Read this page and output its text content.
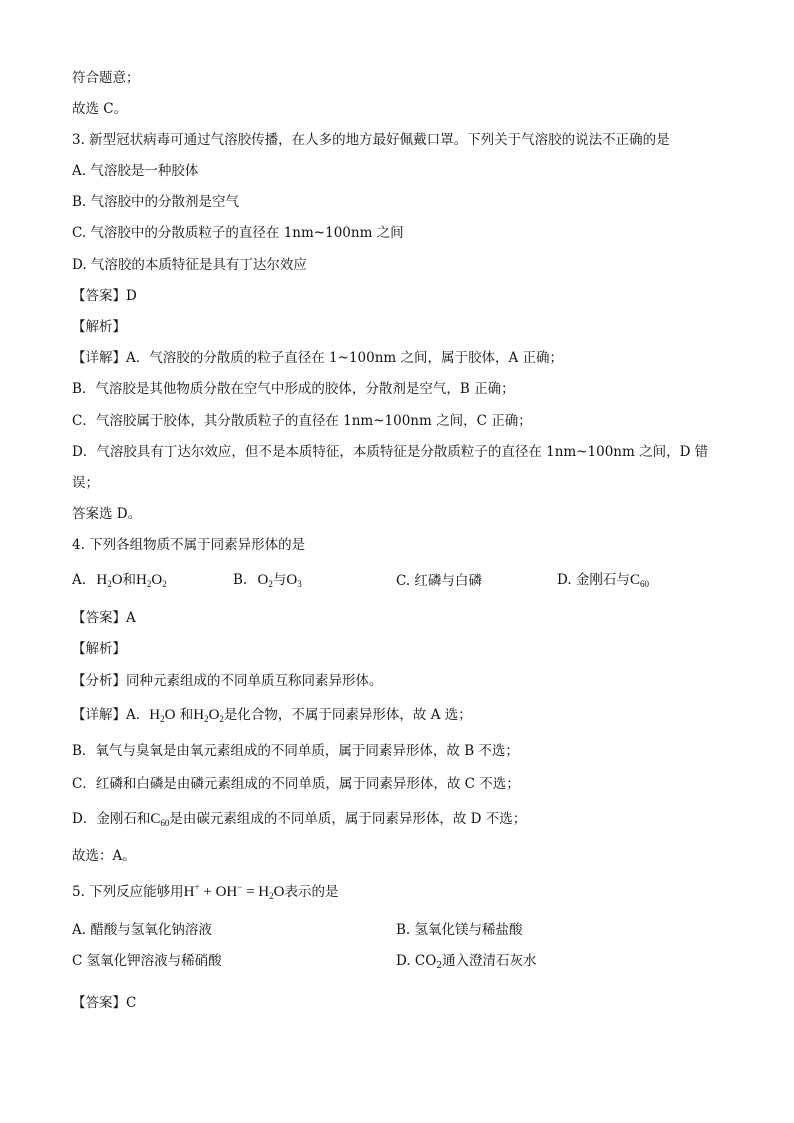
符合题意；
故选 C。
3. 新型冠状病毒可通过气溶胶传播，在人多的地方最好佩戴口罩。下列关于气溶胶的说法不正确的是
A. 气溶胶是一种胶体
B. 气溶胶中的分散剂是空气
C. 气溶胶中的分散质粒子的直径在 1nm~100nm 之间
D. 气溶胶的本质特征是具有丁达尔效应
【答案】D
【解析】
【详解】A．气溶胶的分散质的粒子直径在 1~100nm 之间，属于胶体，A 正确；
B．气溶胶是其他物质分散在空气中形成的胶体，分散剂是空气，B 正确；
C．气溶胶属于胶体，其分散质粒子的直径在 1nm~100nm 之间，C 正确；
D．气溶胶具有丁达尔效应，但不是本质特征，本质特征是分散质粒子的直径在 1nm~100nm 之间，D 错
误；
答案选 D。
4. 下列各组物质不属于同素异形体的是
A. $H_2O$和$H_2O_2$	B. $O_2$与$O_3$	C. 红磷与白磷	D. 金刚石与$C_{60}$
【答案】A
【解析】
【分析】同种元素组成的不同单质互称同素异形体。
【详解】A．$H_2O$ 和$H_2O_2$是化合物，不属于同素异形体，故 A 选；
B．氧气与臭氧是由氧元素组成的不同单质，属于同素异形体，故 B 不选；
C．红磷和白磷是由磷元素组成的不同单质，属于同素异形体，故 C 不选；
D．金刚石和$C_{60}$是由碳元素组成的不同单质，属于同素异形体，故 D 不选；
故选：A。
5. 下列反应能够用$H^+ + OH^- = H_2O$表示的是
A. 醋酸与氢氧化钠溶液	B. 氢氧化镁与稀盐酸
C 氢氧化钾溶液与稀硝酸	D. $CO_2$通入澄清石灰水
【答案】C
